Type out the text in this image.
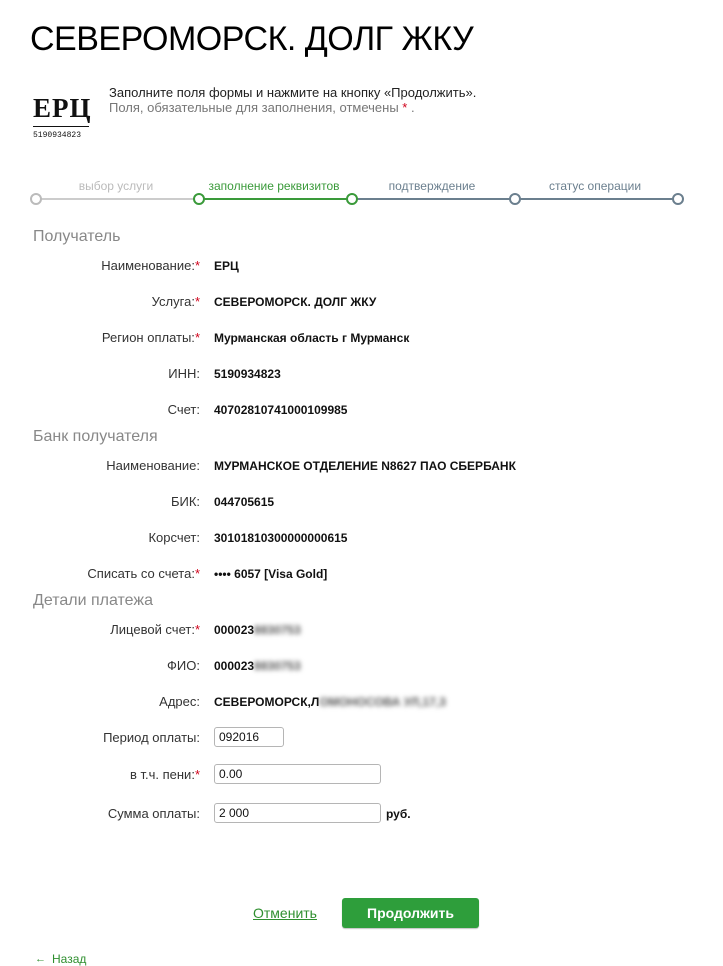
СЕВЕРОМОРСК. ДОЛГ ЖКУ
ЕРЦ
5190934823
Заполните поля формы и нажмите на кнопку «Продолжить».
Поля, обязательные для заполнения, отмечены * .
выбор услуги	заполнение реквизитов	подтверждение	статус операции
Получатель
Наименование:* ЕРЦ
Услуга:* СЕВЕРОМОРСК. ДОЛГ ЖКУ
Регион оплаты:* Мурманская область г Мурманск
ИНН: 5190934823
Счет: 40702810741000109985
Банк получателя
Наименование: МУРМАНСКОЕ ОТДЕЛЕНИЕ N8627 ПАО СБЕРБАНК
БИК: 044705615
Корсчет: 30101810300000000615
Списать со счета:* •••• 6057 [Visa Gold]
Детали платежа
Лицевой счет:* 0000238830753
ФИО: 0000238830753
Адрес: СЕВЕРОМОРСК,ЛОМОНОСОВА УЛ,17,3
Период оплаты:
092016
в т.ч. пени:*
0.00
Сумма оплаты:
2 000	руб.
Отменить	Продолжить
← Назад
